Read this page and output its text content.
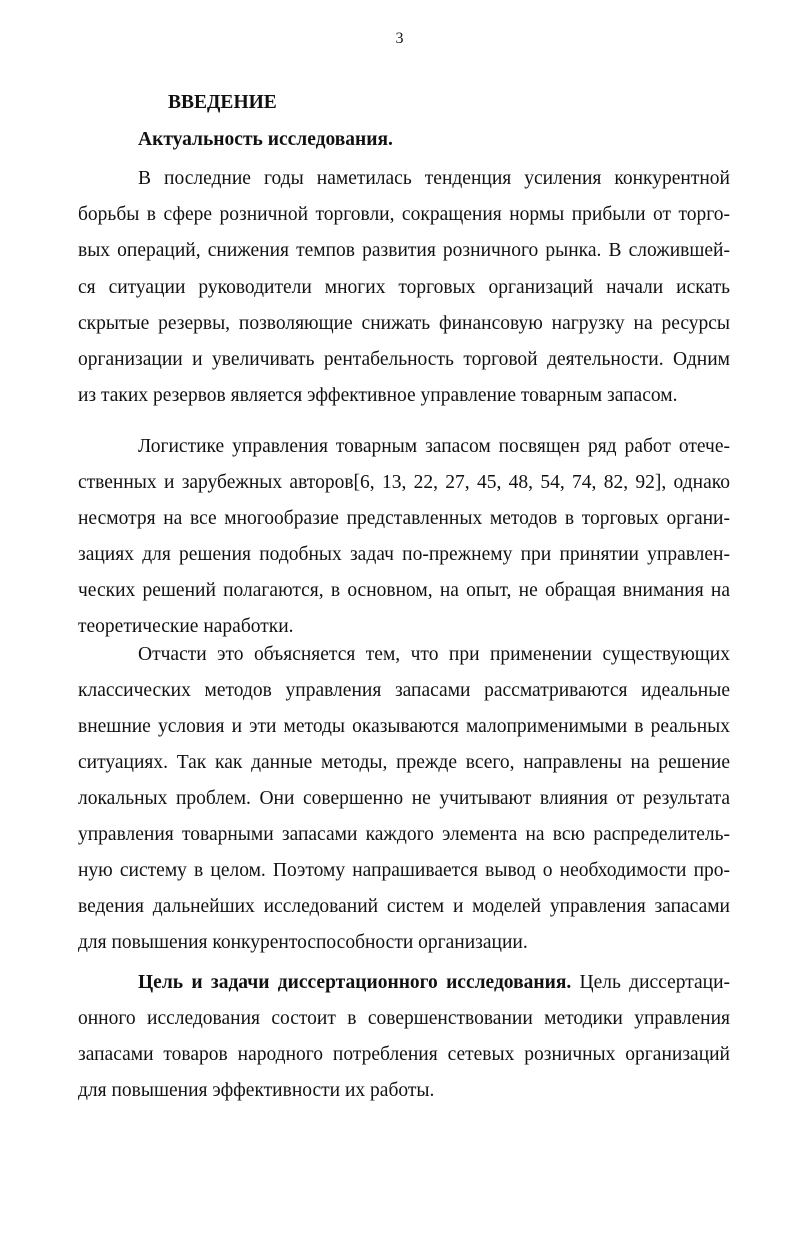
3
ВВЕДЕНИЕ
Актуальность исследования.
В последние годы наметилась тенденция усиления конкурентной
борьбы в сфере розничной торговли, сокращения нормы прибыли от торго-
вых операций, снижения темпов развития розничного рынка. В сложившей-
ся ситуации руководители многих торговых организаций начали искать
скрытые резервы, позволяющие снижать финансовую нагрузку на ресурсы
организации и увеличивать рентабельность торговой деятельности. Одним
из таких резервов является эффективное управление товарным запасом.
Логистике управления товарным запасом посвящен ряд работ отече-
ственных и зарубежных авторов[6, 13, 22, 27, 45, 48, 54, 74, 82, 92], однако
несмотря на все многообразие представленных методов в торговых органи-
зациях для решения подобных задач по-прежнему при принятии управлен-
ческих решений полагаются, в основном, на опыт, не обращая внимания на
теоретические наработки.
Отчасти это объясняется тем, что при применении существующих
классических методов управления запасами рассматриваются идеальные
внешние условия и эти методы оказываются малоприменимыми в реальных
ситуациях. Так как данные методы, прежде всего, направлены на решение
локальных проблем. Они совершенно не учитывают влияния от результата
управления товарными запасами каждого элемента на всю распределитель-
ную систему в целом. Поэтому напрашивается вывод о необходимости про-
ведения дальнейших исследований систем и моделей управления запасами
для повышения конкурентоспособности организации.
Цель и задачи диссертационного исследования. Цель диссертаци-
онного исследования состоит в совершенствовании методики управления
запасами товаров народного потребления сетевых розничных организаций
для повышения эффективности их работы.
